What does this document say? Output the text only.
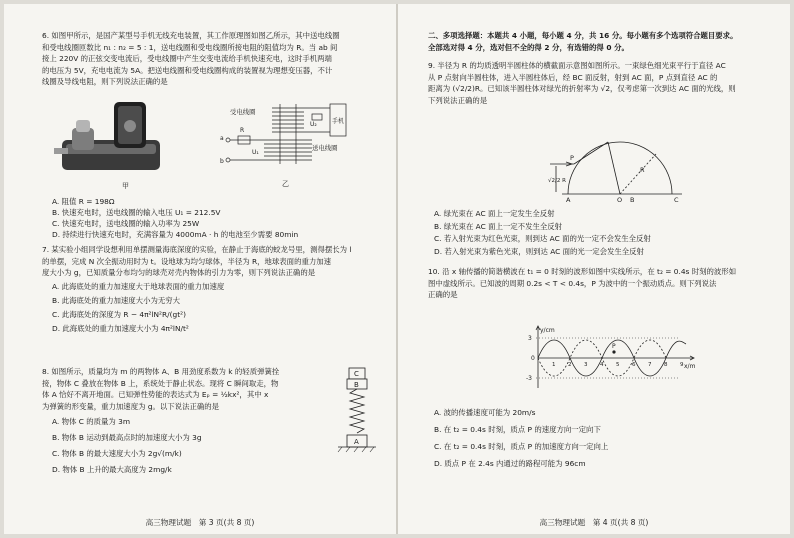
6. 如图甲所示，是国产某型号手机无线充电装置，其工作原理图如图乙所示，其中送电线圈

和受电线圈匝数比 n₁ : n₂ = 5 : 1，送电线圈和受电线圈所接电阻的阻值均为 R。当 ab 间

接上 220V 的正弦交变电流后，受电线圈中产生交变电流给手机快速充电，这时手机两端

的电压为 5V，充电电流为 5A。把送电线圈和受电线圈构成的装置视为理想变压器，不计

线圈及导线电阻，则下列说法正确的是

甲
手机
受电线圈
送电线圈
U₂
U₁
a
b
R
乙

A. 阻值 R = 198Ω

B. 快速充电时，送电线圈的输入电压 U₁ = 212.5V

C. 快速充电时，送电线圈的输入功率为 25W

D. 持续进行快速充电时，充满容量为 4000mA · h 的电池至少需要 80min

7. 某实验小组同学设想利用单摆测量海底深度的实验，在静止于海底的蛟龙号里，测得摆长为 l

的单摆，完成 N 次全振动用时为 t。设地球为均匀球体，半径为 R，地球表面的重力加速

度大小为 g，已知质量分布均匀的球壳对壳内物体的引力为零，则下列说法正确的是

A. 此海底处的重力加速度大于地球表面的重力加速度

B. 此海底处的重力加速度大小为无穷大

C. 此海底处的深度为 R − 4π²lN²R/(gt²)

D. 此海底处的重力加速度大小为 4π²lN/t²

8. 如图所示，质量均为 m 的两物体 A、B 用劲度系数为 k 的轻质弹簧拴

接，物体 C 叠放在物体 B 上，系统处于静止状态。现将 C 瞬间取走，物

体 A 恰好不离开地面。已知弹性势能的表达式为 Eₚ = ½kx²，其中 x

为弹簧的形变量，重力加速度为 g。以下说法正确的是

C
B
A

A. 物体 C 的质量为 3m

B. 物体 B 运动到最高点时的加速度大小为 3g

C. 物体 B 的最大速度大小为 2g√(m/k)

D. 物体 B 上升的最大高度为 2mg/k

高三物理试题　第 3 页(共 8 页)

二、多项选择题：本题共 4 小题，每小题 4 分，共 16 分。每小题有多个选项符合题目要求。

全部选对得 4 分，选对但不全的得 2 分，有选错的得 0 分。

9. 半径为 R 的均质透明半圆柱体的横截面示意图如图所示。一束绿色细光束平行于直径 AC

从 P 点射向半圆柱体，进入半圆柱体后，经 BC 面反射，射到 AC 面，P 点到直径 AC 的

距离为 (√2/2)R。已知该半圆柱体对绿光的折射率为 √2，仅考虑第一次到达 AC 面的光线，则

下列说法正确的是

P
A	O B	C
R
√2/2 R

A. 绿光束在 AC 面上一定发生全反射

B. 绿光束在 AC 面上一定不发生全反射

C. 若入射光束为红色光束，则到达 AC 面的光一定不会发生全反射

D. 若入射光束为紫色光束，则到达 AC 面的光一定会发生全反射

10. 沿 x 轴传播的简谐横波在 t₁ = 0 时刻的波形如图中实线所示，在 t₂ = 0.4s 时刻的波形如

图中虚线所示。已知波的周期 0.2s < T < 0.4s，P 为波中的一个振动质点。则下列说法

正确的是

y/cm
x/m
P
3
0
-3
1 2 3 4 5 6 7 8 9

A. 波的传播速度可能为 20m/s

B. 在 t₂ = 0.4s 时刻，质点 P 的速度方向一定向下

C. 在 t₂ = 0.4s 时刻，质点 P 的加速度方向一定向上

D. 质点 P 在 2.4s 内通过的路程可能为 96cm

高三物理试题　第 4 页(共 8 页)
